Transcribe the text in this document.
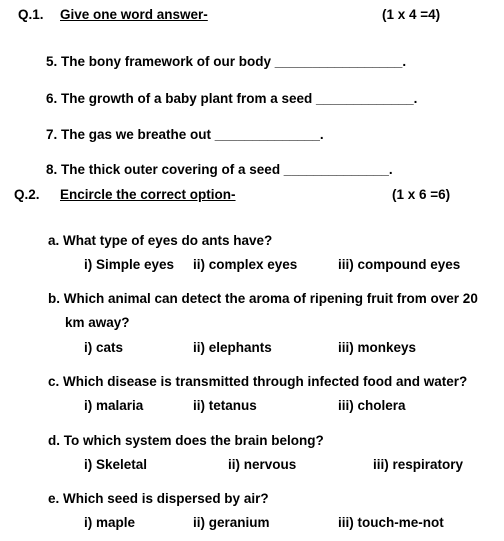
Q.1. Give one word answer-	(1 x 4 =4)
5. The bony framework of our body _________________.
6. The growth of a baby plant from a seed _____________.
7. The gas we breathe out ______________.
8. The thick outer covering of a seed ______________.
Q.2. Encircle the correct option-	(1 x 6 =6)
a. What type of eyes do ants have?
i) Simple eyes ii) complex eyes	iii) compound eyes
b. Which animal can detect the aroma of ripening fruit from over 20
km away?
i) cats	ii) elephants	iii) monkeys
c. Which disease is transmitted through infected food and water?
i) malaria	ii) tetanus	iii) cholera
d. To which system does the brain belong?
i) Skeletal	ii) nervous	iii) respiratory
e. Which seed is dispersed by air?
i) maple	ii) geranium	iii) touch-me-not
